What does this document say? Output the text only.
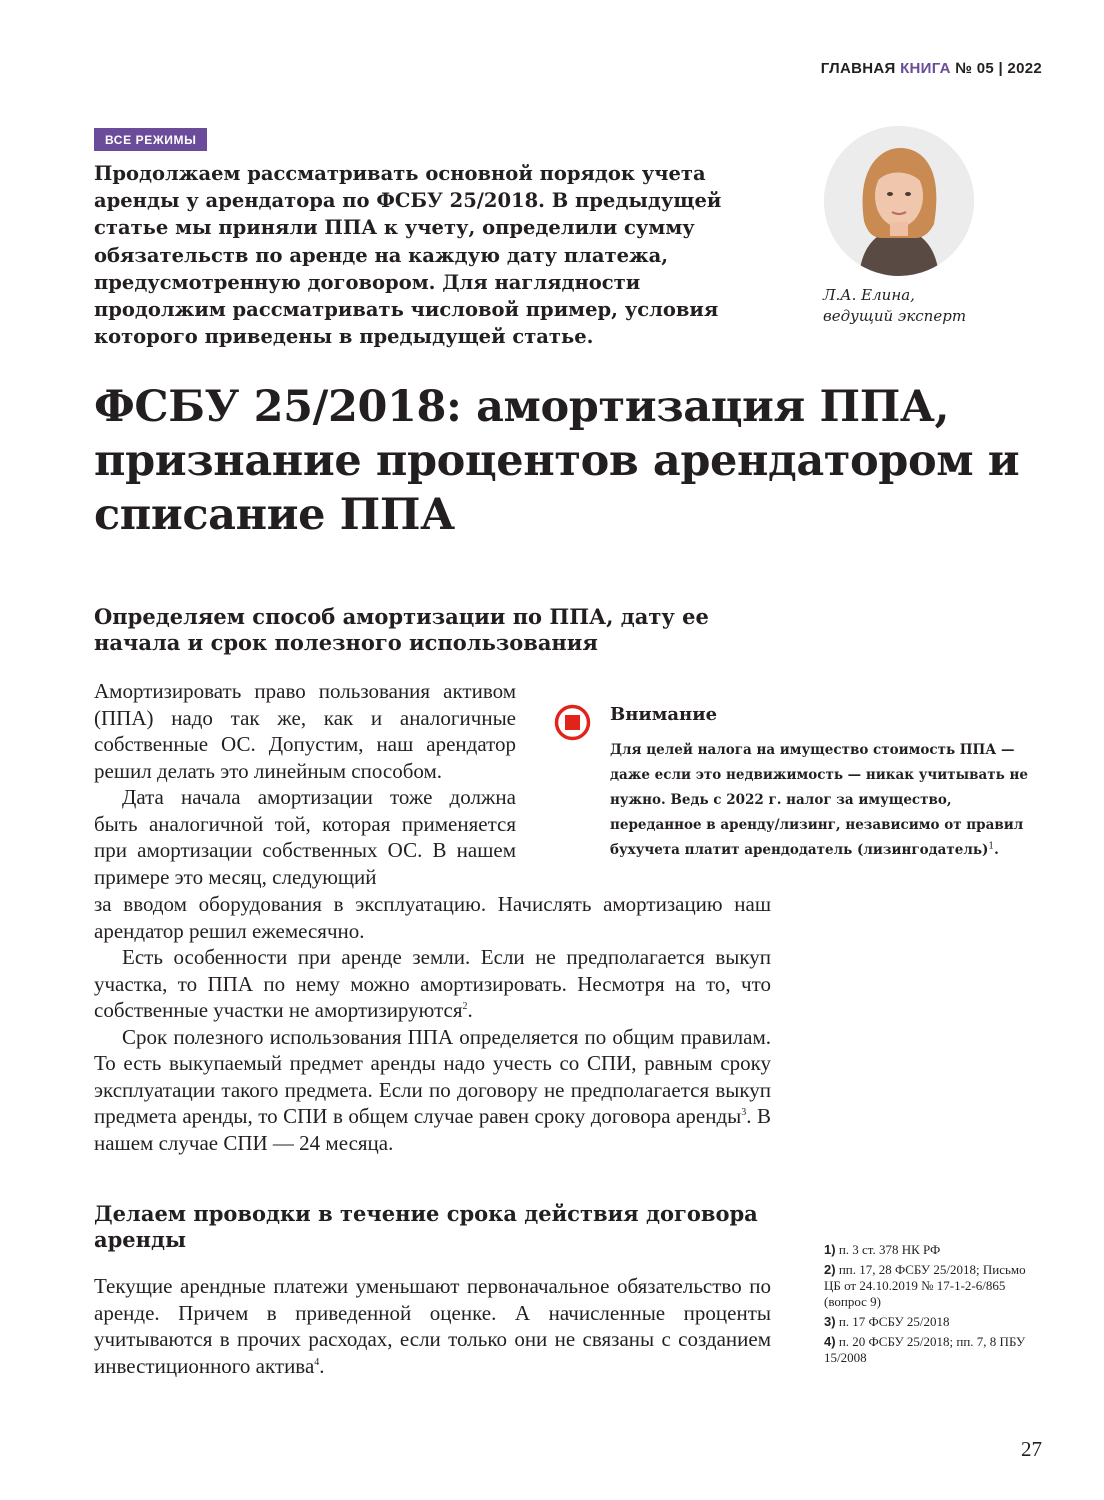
ГЛАВНАЯ КНИГА № 05 | 2022
ВСЕ РЕЖИМЫ

Продолжаем рассматривать основной порядок учета аренды у арендатора по ФСБУ 25/2018. В предыдущей статье мы приняли ППА к учету, определили сумму обязательств по аренде на каждую дату платежа, предусмотренную договором. Для наглядности продолжим рассматривать числовой пример, условия которого приведены в предыдущей статье.

Л.А. Елина,
ведущий эксперт
ФСБУ 25/2018: амортизация ППА, признание процентов арендатором и списание ППА
Определяем способ амортизации по ППА, дату ее начала и срок полезного использования

Амортизировать право пользования активом (ППА) надо так же, как и аналогичные собственные ОС. Допустим, наш арендатор решил делать это линейным способом.

Дата начала амортизации тоже должна быть аналогичной той, которая применяется при амортизации собственных ОС. В нашем примере это месяц, следующий

за вводом оборудования в эксплуатацию. Начислять амортизацию наш арендатор решил ежемесячно.

Есть особенности при аренде земли. Если не предполагается выкуп участка, то ППА по нему можно амортизировать. Несмотря на то, что собственные участки не амортизируются$^2$.

Срок полезного использования ППА определяется по общим правилам. То есть выкупаемый предмет аренды надо учесть со СПИ, равным сроку эксплуатации такого предмета. Если по договору не предполагается выкуп предмета аренды, то СПИ в общем случае равен сроку договора аренды$^3$. В нашем случае СПИ — 24 месяца.

Внимание

Для целей налога на имущество стоимость ППА — даже если это недвижимость — никак учитывать не нужно. Ведь с 2022 г. налог за имущество, переданное в аренду/лизинг, независимо от правил бухучета платит арендодатель (лизингодатель)$^1$.

Делаем проводки в течение срока действия договора аренды

Текущие арендные платежи уменьшают первоначальное обязательство по аренде. Причем в приведенной оценке. А начисленные проценты учитываются в прочих расходах, если только они не связаны с созданием инвестиционного актива$^4$.

1) п. 3 ст. 378 НК РФ

2) пп. 17, 28 ФСБУ 25/2018; Письмо ЦБ от 24.10.2019 № 17-1-2-6/865 (вопрос 9)

3) п. 17 ФСБУ 25/2018

4) п. 20 ФСБУ 25/2018; пп. 7, 8 ПБУ 15/2008

27
